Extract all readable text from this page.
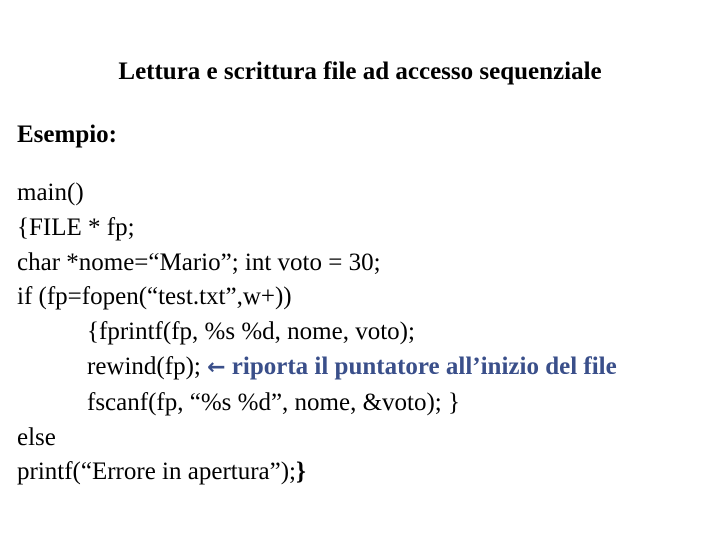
Lettura e scrittura file ad accesso sequenziale
Esempio:
main()
{FILE * fp;
char *nome=“Mario”; int voto = 30;
if (fp=fopen(“test.txt”,w+))
{fprintf(fp, %s %d, nome, voto);
rewind(fp); ← riporta il puntatore all’inizio del file
fscanf(fp, “%s %d”, nome, &voto); }
else
printf(“Errore in apertura”);}
